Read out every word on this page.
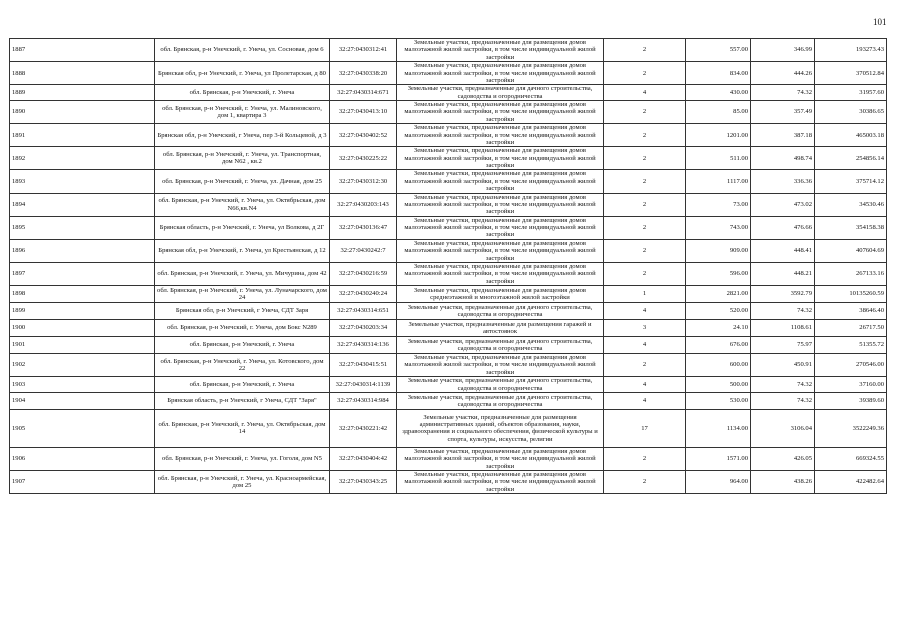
101
1887	обл. Брянская, р-н Унечский, г. Унеча, ул. Сосновая, дом 6	32:27:0430312:41	Земельные участки, предназначенные для размещения домов малоэтажной жилой застройки, в том числе индивидуальной жилой застройки	2	557.00	346.99	193273.43
1888	Брянская обл, р-н Унечский, г. Унеча, ул Пролетарская, д 80	32:27:0430338:20	Земельные участки, предназначенные для размещения домов малоэтажной жилой застройки, в том числе индивидуальной жилой застройки	2	834.00	444.26	370512.84
1889	обл. Брянская, р-н Унечский, г. Унеча	32:27:0430314:671	Земельные участки, предназначенные для дачного строительства, садоводства и огородничества	4	430.00	74.32	31957.60
1890	обл. Брянская, р-н Унечский, г. Унеча, ул. Малиновского, дом 1, квартира 3	32:27:0430413:10	Земельные участки, предназначенные для размещения домов малоэтажной жилой застройки, в том числе индивидуальной жилой застройки	2	85.00	357.49	30386.65
1891	Брянская обл, р-н Унечский, г Унеча, пер 3-й Кольцевой, д 3	32:27:0430402:52	Земельные участки, предназначенные для размещения домов малоэтажной жилой застройки, в том числе индивидуальной жилой застройки	2	1201.00	387.18	465003.18
1892	обл. Брянская, р-н Унечский, г. Унеча, ул. Транспортная, дом N62 , кв.2	32:27:0430225:22	Земельные участки, предназначенные для размещения домов малоэтажной жилой застройки, в том числе индивидуальной жилой застройки	2	511.00	498.74	254856.14
1893	обл. Брянская, р-н Унечский, г. Унеча, ул. Дачная, дом 25	32:27:0430312:30	Земельные участки, предназначенные для размещения домов малоэтажной жилой застройки, в том числе индивидуальной жилой застройки	2	1117.00	336.36	375714.12
1894	обл. Брянская, р-н Унечский, г. Унеча, ул. Октябрьская, дом N66,кв.N4	32:27:0430203:143	Земельные участки, предназначенные для размещения домов малоэтажной жилой застройки, в том числе индивидуальной жилой застройки	2	73.00	473.02	34530.46
1895	Брянская область, р-н Унечский, г. Унеча, ул Волкова, д 2Г	32:27:0430136:47	Земельные участки, предназначенные для размещения домов малоэтажной жилой застройки, в том числе индивидуальной жилой застройки	2	743.00	476.66	354158.38
1896	Брянская обл, р-н Унечский, г. Унеча, ул Крестьянская, д 12	32:27:0430242:7	Земельные участки, предназначенные для размещения домов малоэтажной жилой застройки, в том числе индивидуальной жилой застройки	2	909.00	448.41	407604.69
1897	обл. Брянская, р-н Унечский, г. Унеча, ул. Мичурина, дом 42	32:27:0430216:59	Земельные участки, предназначенные для размещения домов малоэтажной жилой застройки, в том числе индивидуальной жилой застройки	2	596.00	448.21	267133.16
1898	обл. Брянская, р-н Унечский, г. Унеча, ул. Луначарского, дом 24	32:27:0430240:24	Земельные участки, предназначенные для размещения домов среднеэтажной и многоэтажной жилой застройки	1	2821.00	3592.79	10135260.59
1899	Брянская обл, р-н Унечский, г Унеча, СДТ Заря	32:27:0430314:651	Земельные участки, предназначенные для дачного строительства, садоводства и огородничества	4	520.00	74.32	38646.40
1900	обл. Брянская, р-н Унечский, г. Унеча, дом Бокс N289	32:27:0430203:34	Земельные участки, предназначенные для размещения гаражей и автостоянок	3	24.10	1108.61	26717.50
1901	обл. Брянская, р-н Унечский, г. Унеча	32:27:0430314:136	Земельные участки, предназначенные для дачного строительства, садоводства и огородничества	4	676.00	75.97	51355.72
1902	обл. Брянская, р-н Унечский, г. Унеча, ул. Котовского, дом 22	32:27:0430415:51	Земельные участки, предназначенные для размещения домов малоэтажной жилой застройки, в том числе индивидуальной жилой застройки	2	600.00	450.91	270546.00
1903	обл. Брянская, р-н Унечский, г. Унеча	32:27:0430314:1139	Земельные участки, предназначенные для дачного строительства, садоводства и огородничества	4	500.00	74.32	37160.00
1904	Брянская область, р-н Унечский, г Унеча, СДТ "Заря"	32:27:0430314:984	Земельные участки, предназначенные для дачного строительства, садоводства и огородничества	4	530.00	74.32	39389.60
1905	обл. Брянская, р-н Унечский, г. Унеча, ул. Октябрьская, дом 14	32:27:0430221:42	Земельные участки, предназначенные для размещения административных зданий, объектов образования, науки, здравоохранения и социального обеспечения, физической культуры и спорта, культуры, искусства, религии	17	1134.00	3106.04	3522249.36
1906	обл. Брянская, р-н Унечский, г. Унеча, ул. Гоголя, дом N5	32:27:0430404:42	Земельные участки, предназначенные для размещения домов малоэтажной жилой застройки, в том числе индивидуальной жилой застройки	2	1571.00	426.05	669324.55
1907	обл. Брянская, р-н Унечский, г. Унеча, ул. Красноармейская, дом 25	32:27:0430343:25	Земельные участки, предназначенные для размещения домов малоэтажной жилой застройки, в том числе индивидуальной жилой застройки	2	964.00	438.26	422482.64
